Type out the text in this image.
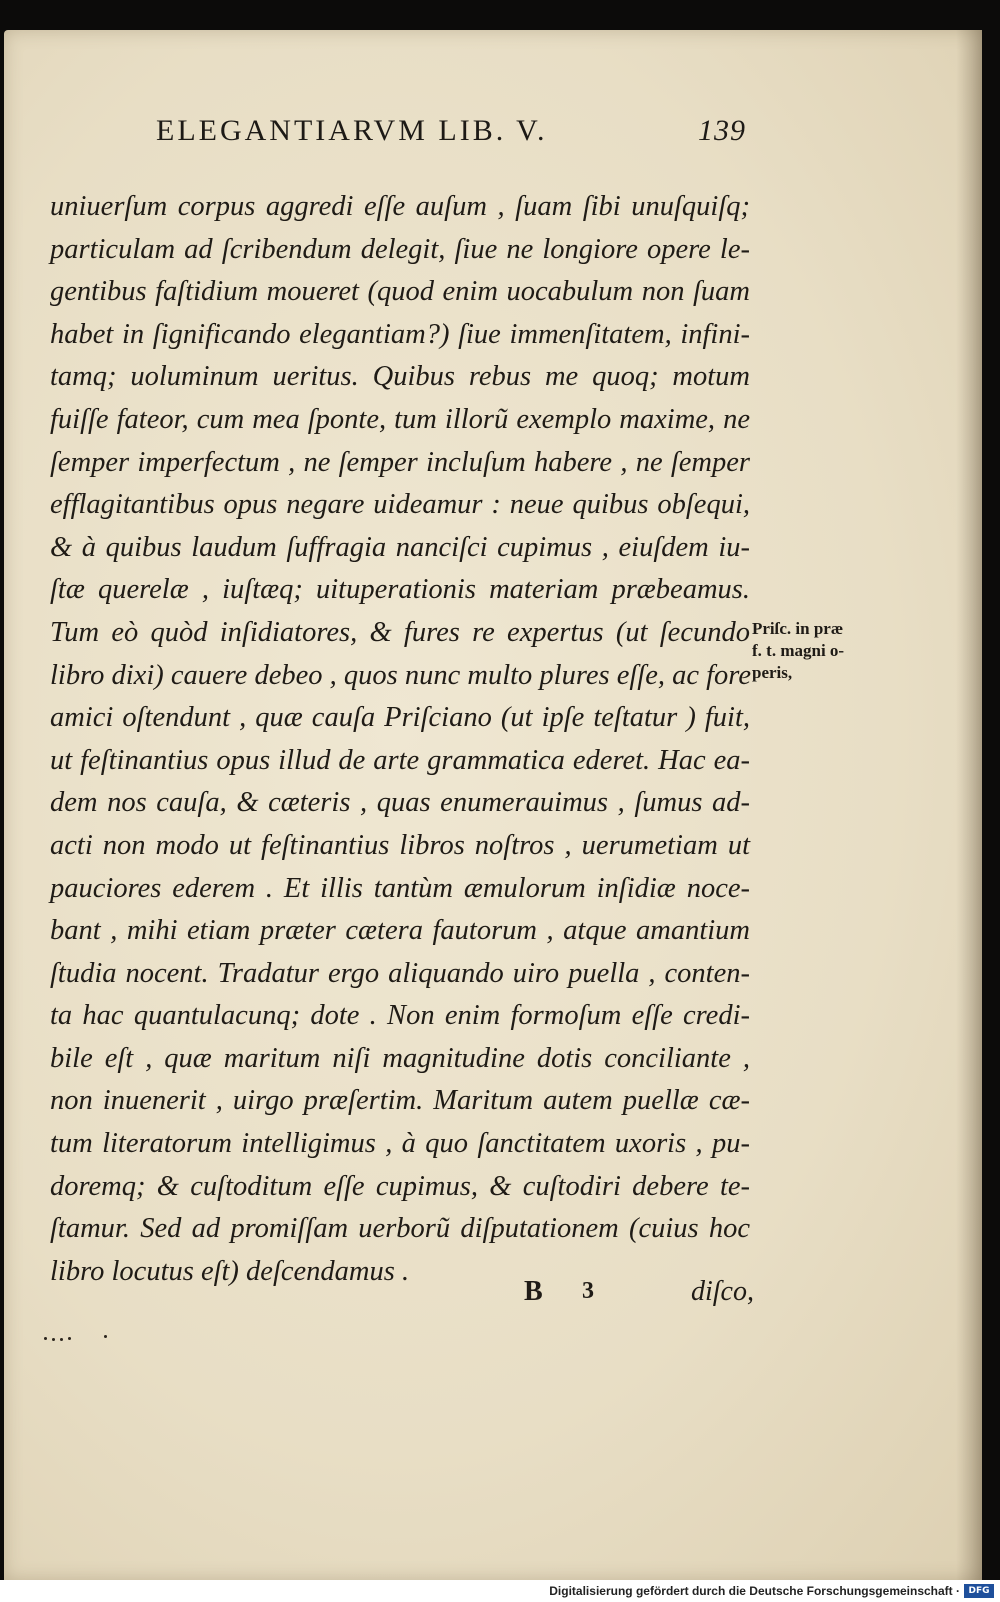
ELEGANTIARVM LIB. V.	139
uniuerſum corpus aggredi eſſe auſum , ſuam ſibi unuſquiſq;
particulam ad ſcribendum delegit, ſiue ne longiore opere le-
gentibus faſtidium moueret (quod enim uocabulum non ſuam
habet in ſignificando elegantiam?) ſiue immenſitatem, infini-
tamq; uoluminum ueritus. Quibus rebus me quoq; motum
fuiſſe fateor, cum mea ſponte, tum illorũ exemplo maxime, ne
ſemper imperfectum , ne ſemper incluſum habere , ne ſemper
efflagitantibus opus negare uideamur : neue quibus obſequi,
& à quibus laudum ſuffragia nanciſci cupimus , eiuſdem iu-
ſtæ querelæ , iuſtæq; uituperationis materiam præbeamus.
Tum eò quòd inſidiatores, & fures re expertus (ut ſecundo
libro dixi) cauere debeo , quos nunc multo plures eſſe, ac fore
amici oſtendunt , quæ cauſa Priſciano (ut ipſe teſtatur ) fuit,
ut feſtinantius opus illud de arte grammatica ederet. Hac ea-
dem nos cauſa, & cæteris , quas enumerauimus , ſumus ad-
acti non modo ut feſtinantius libros noſtros , uerumetiam ut
pauciores ederem . Et illis tantùm æmulorum inſidiæ noce-
bant , mihi etiam præter cætera fautorum , atque amantium
ſtudia nocent. Tradatur ergo aliquando uiro puella , conten-
ta hac quantulacunq; dote . Non enim formoſum eſſe credi-
bile eſt , quæ maritum niſi magnitudine dotis conciliante ,
non inuenerit , uirgo præſertim. Maritum autem puellæ cæ-
tum literatorum intelligimus , à quo ſanctitatem uxoris , pu-
doremq; & cuſtoditum eſſe cupimus, & cuſtodiri debere te-
ſtamur. Sed ad promiſſam uerborũ diſputationem (cuius hoc
libro locutus eſt) deſcendamus .
Priſc. in præ
f. t. magni o-
peris,
B 3	diſco,
Digitalisierung gefördert durch die Deutsche Forschungsgemeinschaft · DFG
